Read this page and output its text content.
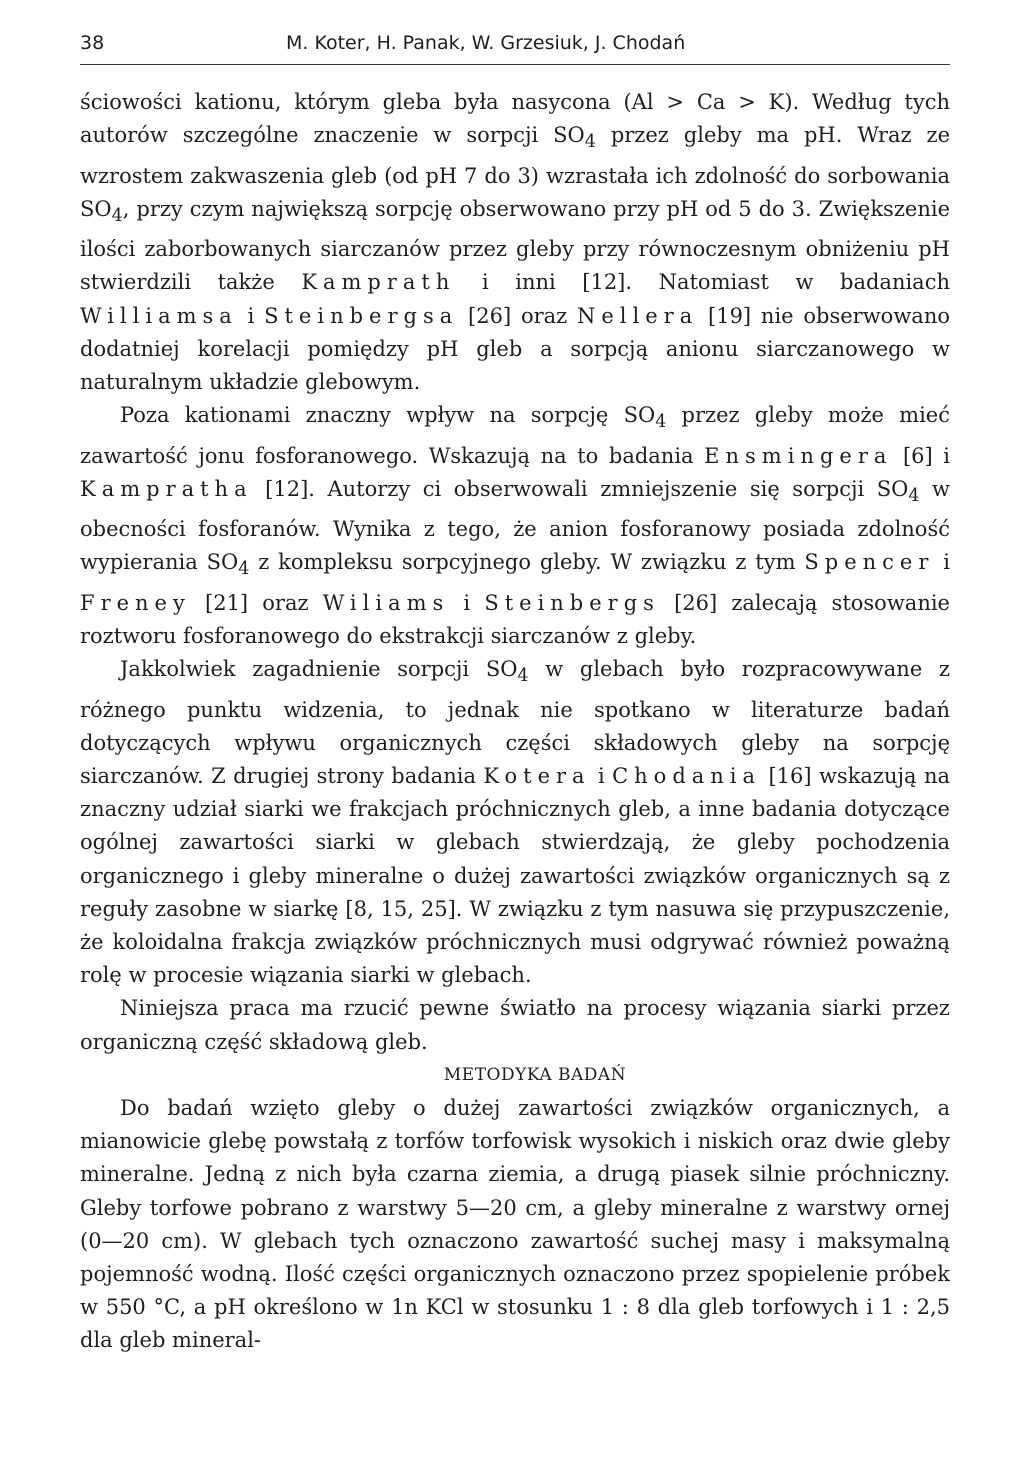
38	M. Koter, H. Panak, W. Grzesiuk, J. Chodań

ściowości kationu, którym gleba była nasycona (Al > Ca > K). Według tych autorów szczególne znaczenie w sorpcji $SO_4$ przez gleby ma pH. Wraz ze wzrostem zakwaszenia gleb (od pH 7 do 3) wzrastała ich zdolność do sorbowania $SO_4$, przy czym największą sorpcję obserwowano przy pH od 5 do 3. Zwiększenie ilości zaborbowanych siarczanów przez gleby przy równoczesnym obniżeniu pH stwierdzili także Kamprath i inni [12]. Natomiast w badaniach Williamsa i Steinbergsa [26] oraz Nellera [19] nie obserwowano dodatniej korelacji pomiędzy pH gleb a sorpcją anionu siarczanowego w naturalnym układzie glebowym.

Poza kationami znaczny wpływ na sorpcję $SO_4$ przez gleby może mieć zawartość jonu fosforanowego. Wskazują na to badania Ensmingera [6] i Kampratha [12]. Autorzy ci obserwowali zmniejszenie się sorpcji $SO_4$ w obecności fosforanów. Wynika z tego, że anion fosforanowy posiada zdolność wypierania $SO_4$ z kompleksu sorpcyjnego gleby. W związku z tym Spencer i Freney [21] oraz Wiliams i Steinbergs [26] zalecają stosowanie roztworu fosforanowego do ekstrakcji siarczanów z gleby.

Jakkolwiek zagadnienie sorpcji $SO_4$ w glebach było rozpracowywane z różnego punktu widzenia, to jednak nie spotkano w literaturze badań dotyczących wpływu organicznych części składowych gleby na sorpcję siarczanów. Z drugiej strony badania Kotera i Chodania [16] wskazują na znaczny udział siarki we frakcjach próchnicznych gleb, a inne badania dotyczące ogólnej zawartości siarki w glebach stwierdzają, że gleby pochodzenia organicznego i gleby mineralne o dużej zawartości związków organicznych są z reguły zasobne w siarkę [8, 15, 25]. W związku z tym nasuwa się przypuszczenie, że koloidalna frakcja związków próchnicznych musi odgrywać również poważną rolę w procesie wiązania siarki w glebach.

Niniejsza praca ma rzucić pewne światło na procesy wiązania siarki przez organiczną część składową gleb.

METODYKA BADAŃ

Do badań wzięto gleby o dużej zawartości związków organicznych, a mianowicie glebę powstałą z torfów torfowisk wysokich i niskich oraz dwie gleby mineralne. Jedną z nich była czarna ziemia, a drugą piasek silnie próchniczny. Gleby torfowe pobrano z warstwy 5—20 cm, a gleby mineralne z warstwy ornej (0—20 cm). W glebach tych oznaczono zawartość suchej masy i maksymalną pojemność wodną. Ilość części organicznych oznaczono przez spopielenie próbek w 550 °C, a pH określono w 1n KCl w stosunku 1 : 8 dla gleb torfowych i 1 : 2,5 dla gleb mineral-
